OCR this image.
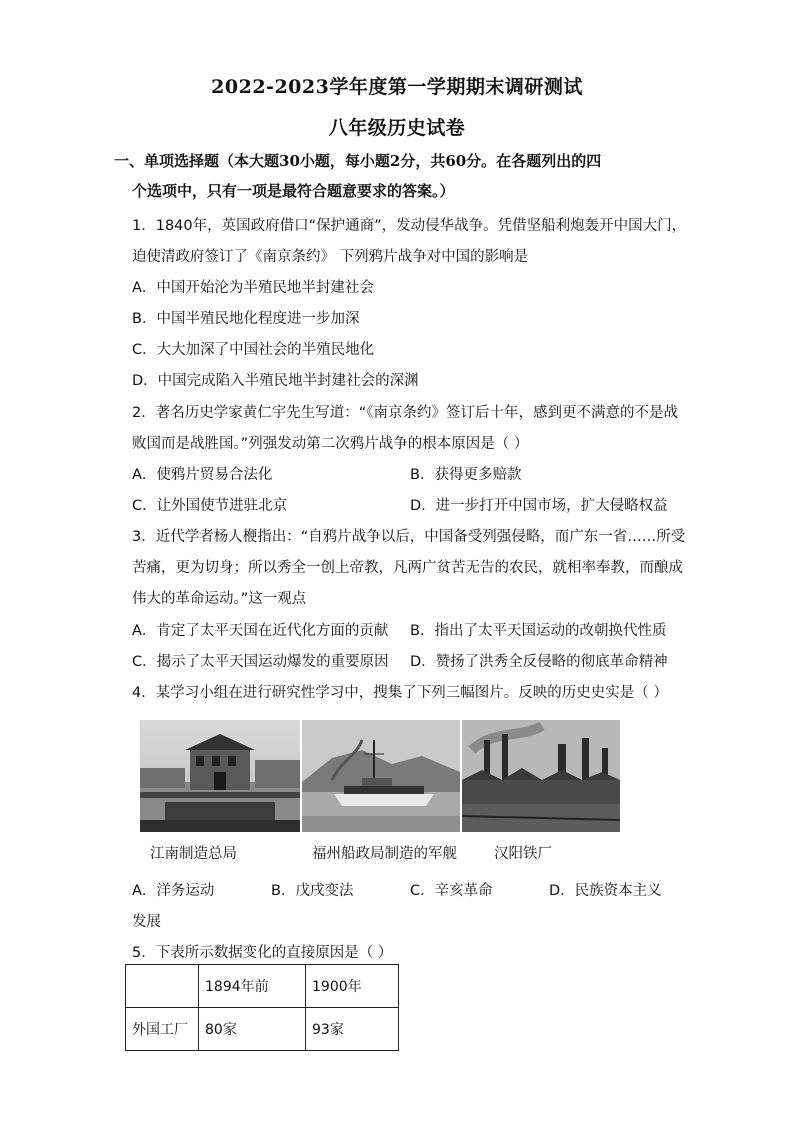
2022-2023学年度第一学期期末调研测试
八年级历史试卷
一、单项选择题（本大题30小题，每小题2分，共60分。在各题列出的四
个选项中，只有一项是最符合题意要求的答案。）
1．1840年，英国政府借口“保护通商”，发动侵华战争。凭借坚船利炮轰开中国大门，
迫使清政府签订了《南京条约》 下列鸦片战争对中国的影响是
A．中国开始沦为半殖民地半封建社会
B．中国半殖民地化程度进一步加深
C．大大加深了中国社会的半殖民地化
D．中国完成陷入半殖民地半封建社会的深渊
2．著名历史学家黄仁宇先生写道：“《南京条约》签订后十年，感到更不满意的不是战
败国而是战胜国。”列强发动第二次鸦片战争的根本原因是（ ）
A．使鸦片贸易合法化	B．获得更多赔款
C．让外国使节进驻北京	D．进一步打开中国市场，扩大侵略权益
3．近代学者杨人楩指出：“自鸦片战争以后，中国备受列强侵略，而广东一省……所受
苦痛，更为切身；所以秀全一创上帝教，凡两广贫苦无告的农民，就相率奉教，而酿成
伟大的革命运动。”这一观点
A．肯定了太平天国在近代化方面的贡献 B．指出了太平天国运动的改朝换代性质
C．揭示了太平天国运动爆发的重要原因 D．赞扬了洪秀全反侵略的彻底革命精神
4．某学习小组在进行研究性学习中，搜集了下列三幅图片。反映的历史史实是（ ）
江南制造总局	福州船政局制造的军舰	汉阳铁厂
A．洋务运动	B．戊戌变法	C．辛亥革命	D．民族资本主义
发展
5．下表所示数据变化的直接原因是（ ）
	1894年前	1900年
外国工厂	80家	93家
